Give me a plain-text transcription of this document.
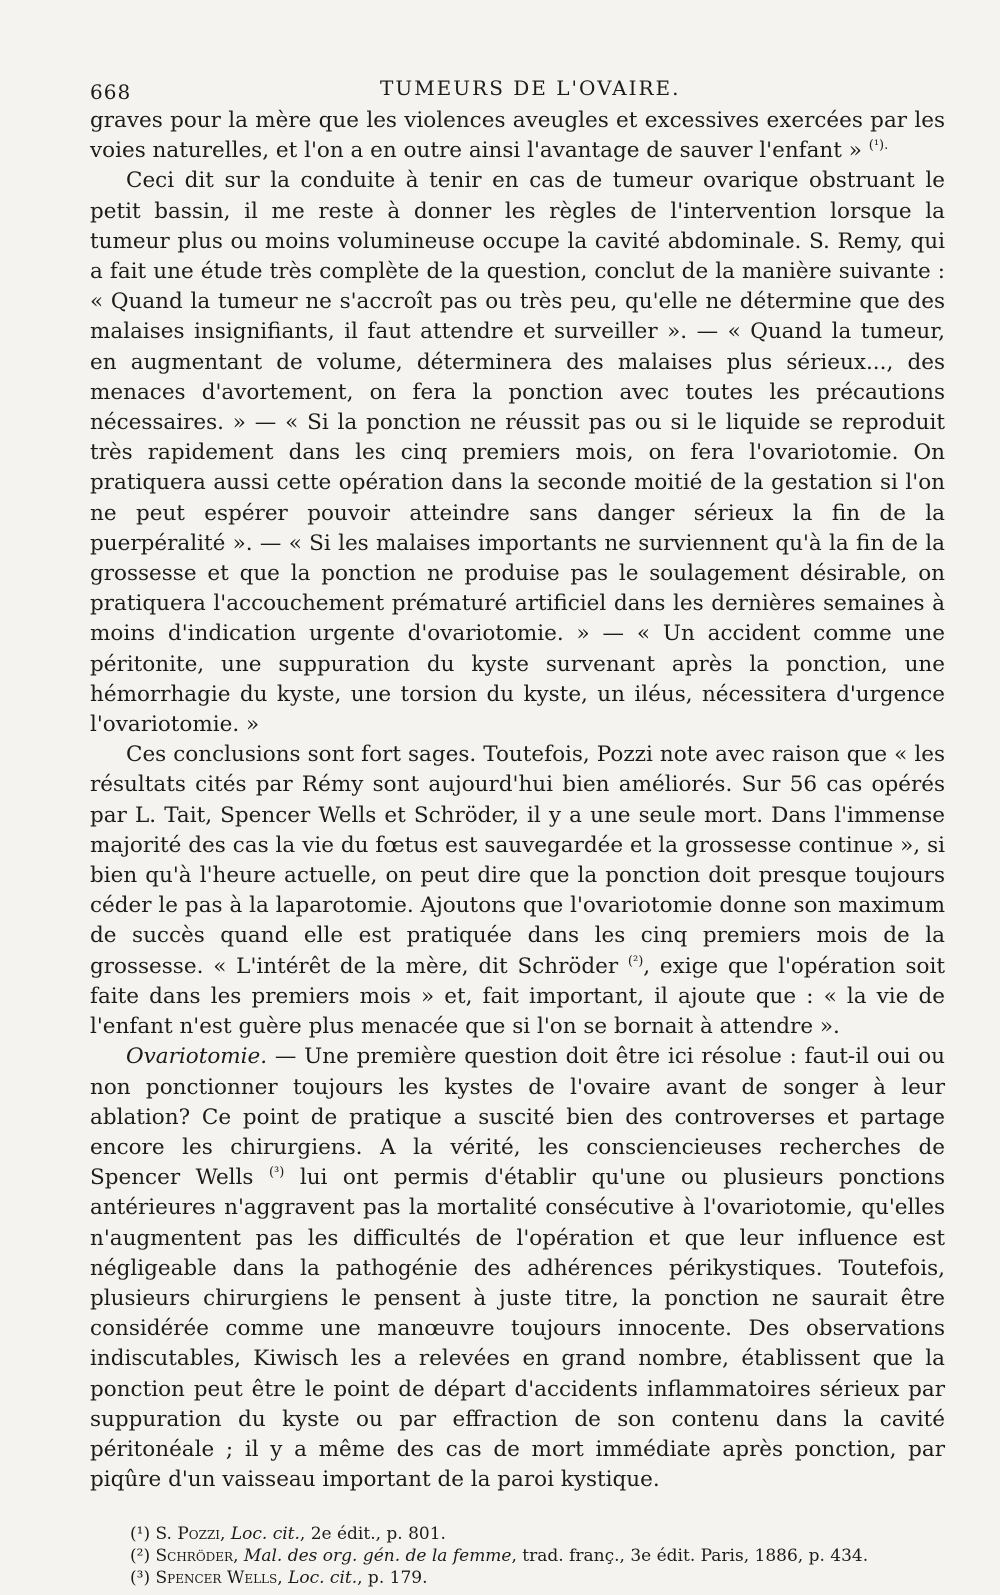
668	TUMEURS DE L'OVAIRE.

graves pour la mère que les violences aveugles et excessives exercées par les voies naturelles, et l'on a en outre ainsi l'avantage de sauver l'enfant » $^{(^1).}$

Ceci dit sur la conduite à tenir en cas de tumeur ovarique obstruant le petit bassin, il me reste à donner les règles de l'intervention lorsque la tumeur plus ou moins volumineuse occupe la cavité abdominale. S. Remy, qui a fait une étude très complète de la question, conclut de la manière suivante : « Quand la tumeur ne s'accroît pas ou très peu, qu'elle ne détermine que des malaises insignifiants, il faut attendre et surveiller ». — « Quand la tumeur, en augmentant de volume, déterminera des malaises plus sérieux..., des menaces d'avortement, on fera la ponction avec toutes les précautions nécessaires. » — « Si la ponction ne réussit pas ou si le liquide se reproduit très rapidement dans les cinq premiers mois, on fera l'ovariotomie. On pratiquera aussi cette opération dans la seconde moitié de la gestation si l'on ne peut espérer pouvoir atteindre sans danger sérieux la fin de la puerpéralité ». — « Si les malaises importants ne surviennent qu'à la fin de la grossesse et que la ponction ne produise pas le soulagement désirable, on pratiquera l'accouchement prématuré artificiel dans les dernières semaines à moins d'indication urgente d'ovariotomie. » — « Un accident comme une péritonite, une suppuration du kyste survenant après la ponction, une hémorrhagie du kyste, une torsion du kyste, un iléus, nécessitera d'urgence l'ovariotomie. »

Ces conclusions sont fort sages. Toutefois, Pozzi note avec raison que « les résultats cités par Rémy sont aujourd'hui bien améliorés. Sur 56 cas opérés par L. Tait, Spencer Wells et Schröder, il y a une seule mort. Dans l'immense majorité des cas la vie du fœtus est sauvegardée et la grossesse continue », si bien qu'à l'heure actuelle, on peut dire que la ponction doit presque toujours céder le pas à la laparotomie. Ajoutons que l'ovariotomie donne son maximum de succès quand elle est pratiquée dans les cinq premiers mois de la grossesse. « L'intérêt de la mère, dit Schröder $^{(^2)}$, exige que l'opération soit faite dans les premiers mois » et, fait important, il ajoute que : « la vie de l'enfant n'est guère plus menacée que si l'on se bornait à attendre ».

Ovariotomie. — Une première question doit être ici résolue : faut-il oui ou non ponctionner toujours les kystes de l'ovaire avant de songer à leur ablation? Ce point de pratique a suscité bien des controverses et partage encore les chirurgiens. A la vérité, les consciencieuses recherches de Spencer Wells $^{(^3)}$ lui ont permis d'établir qu'une ou plusieurs ponctions antérieures n'aggravent pas la mortalité consécutive à l'ovariotomie, qu'elles n'augmentent pas les difficultés de l'opération et que leur influence est négligeable dans la pathogénie des adhérences périkystiques. Toutefois, plusieurs chirurgiens le pensent à juste titre, la ponction ne saurait être considérée comme une manœuvre toujours innocente. Des observations indiscutables, Kiwisch les a relevées en grand nombre, établissent que la ponction peut être le point de départ d'accidents inflammatoires sérieux par suppuration du kyste ou par effraction de son contenu dans la cavité péritonéale ; il y a même des cas de mort immédiate après ponction, par piqûre d'un vaisseau important de la paroi kystique.

(¹) S. Pozzi, Loc. cit., 2e édit., p. 801.

(²) Schröder, Mal. des org. gén. de la femme, trad. franç., 3e édit. Paris, 1886, p. 434.

(³) Spencer Wells, Loc. cit., p. 179.
